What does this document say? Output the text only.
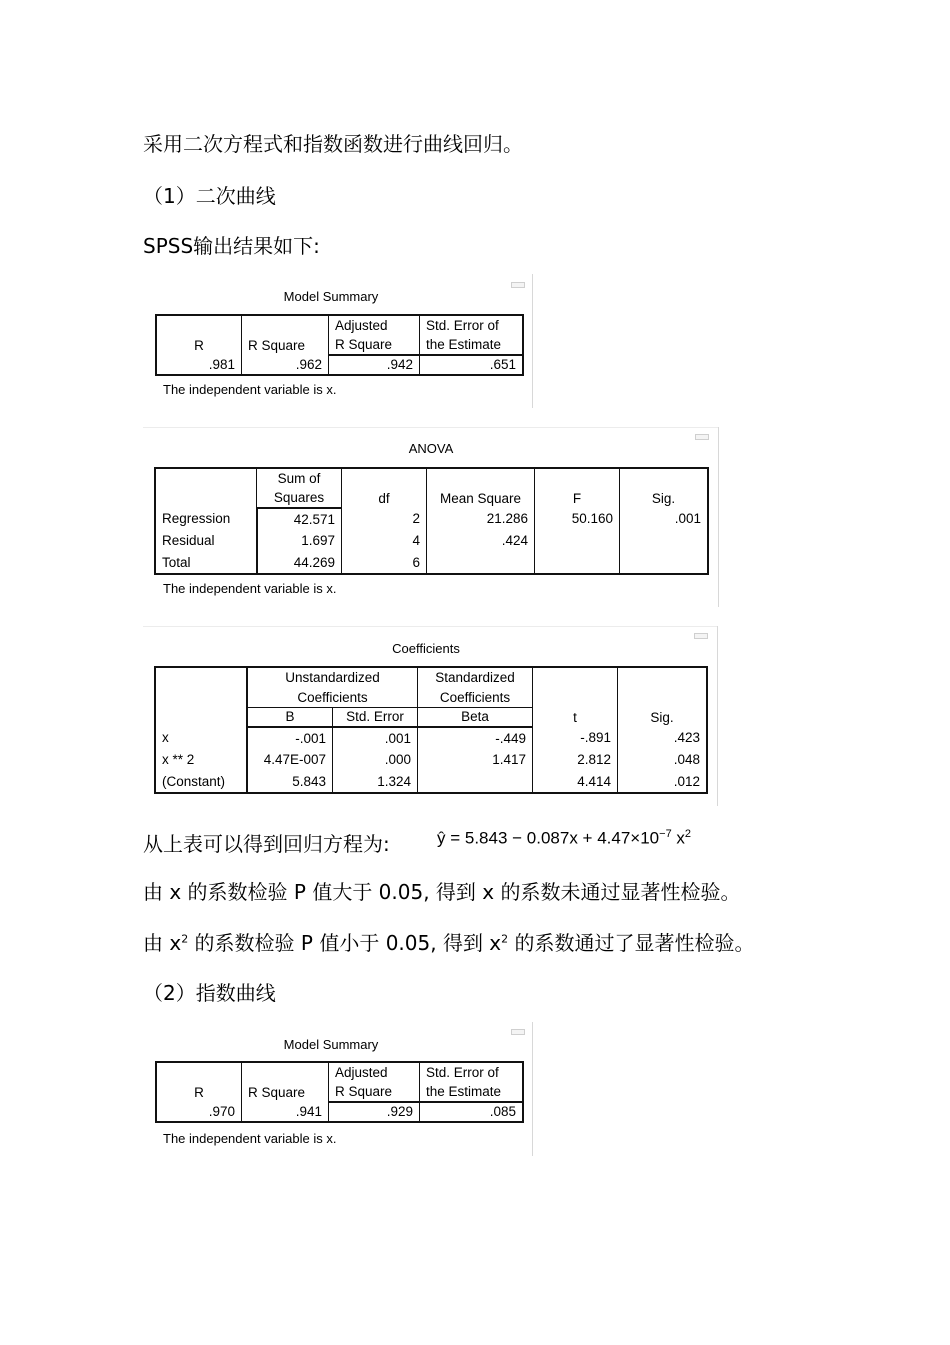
采用二次方程式和指数函数进行曲线回归。
（1）二次曲线
SPSS输出结果如下:
Model Summary
R	R Square	Adjusted	Std. Error of
		R Square	the Estimate
.981	.962	.942	.651
The independent variable is x.
ANOVA
	Sum of	df	Mean Square	F	Sig.
	Squares				
Regression	42.571	2	21.286	50.160	.001
Residual	1.697	4	.424		
Total	44.269	6			
The independent variable is x.
Coefficients
	Unstandardized		Standardized	t	Sig.
	Coefficients		Coefficients		
	B	Std. Error	Beta		
x	-.001	.001	-.449	-.891	.423
x ** 2	4.47E-007	.000	1.417	2.812	.048
(Constant)	5.843	1.324		4.414	.012
从上表可以得到回归方程为:	ŷ = $5.843 - 0.087x + 4.47\times 10^{-7}$ $x^2$
由 x 的系数检验 P 值大于 0.05, 得到 x 的系数未通过显著性检验。
由 $x^2$ 的系数检验 P 值小于 0.05, 得到 $x^2$ 的系数通过了显著性检验。
（2）指数曲线
Model Summary
R	R Square	Adjusted	Std. Error of
		R Square	the Estimate
.970	.941	.929	.085
The independent variable is x.
